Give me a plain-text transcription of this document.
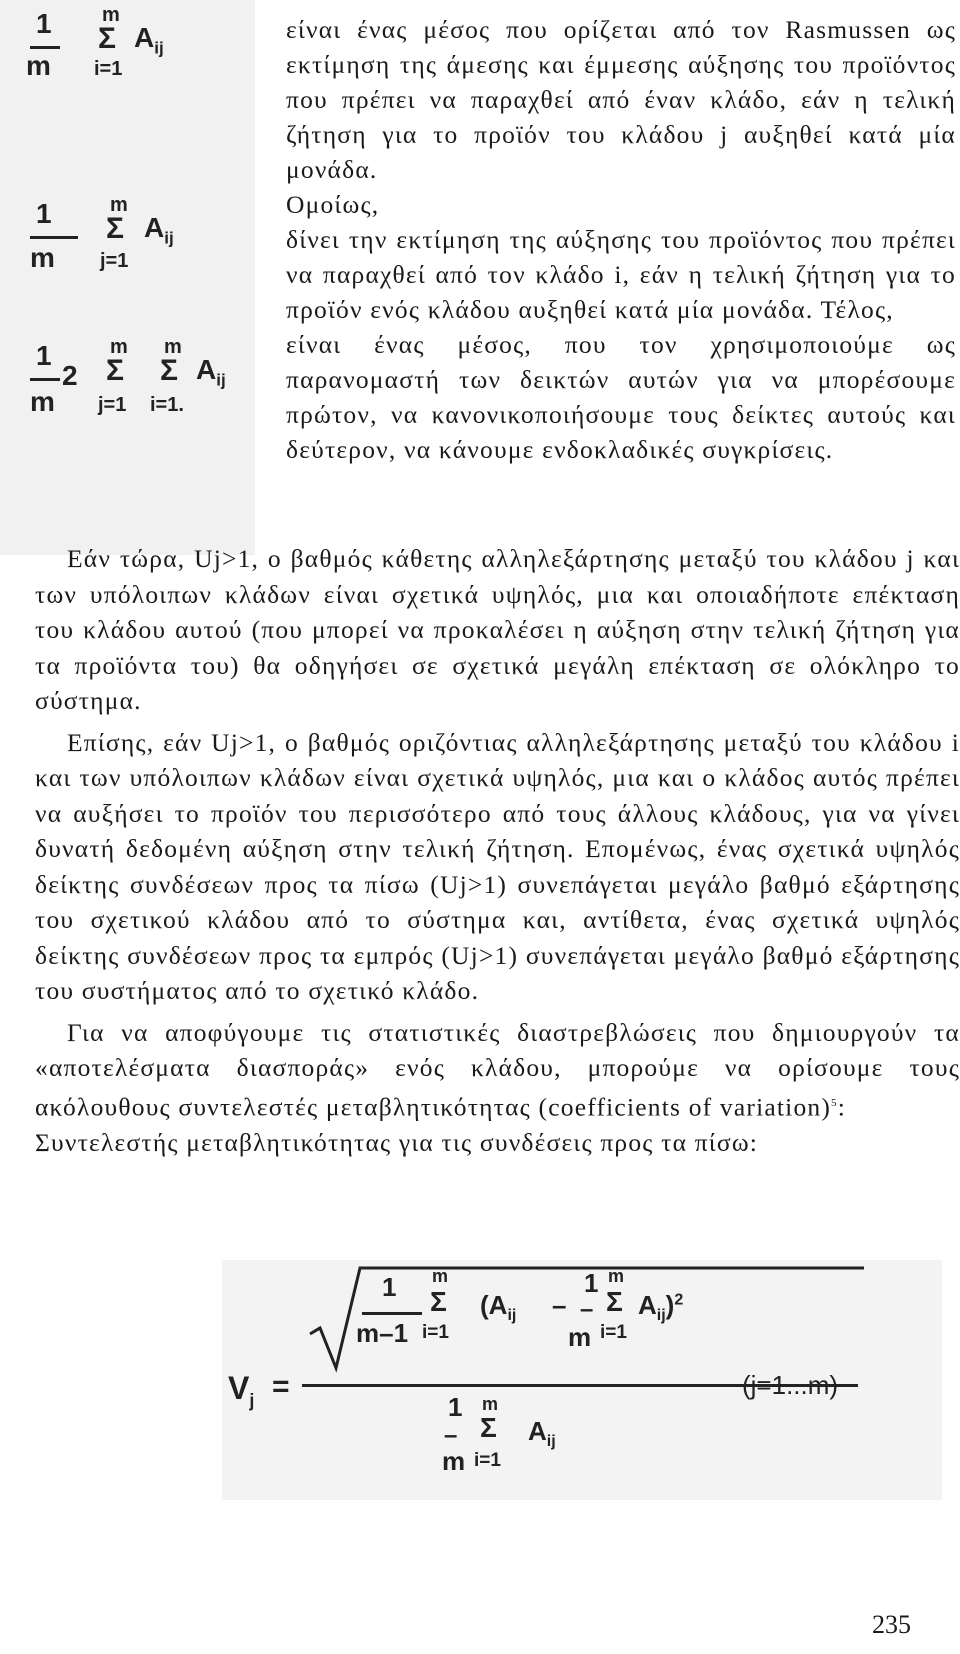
1
m
m
Σ
i=1
$A_{ij}$
1
m
m
Σ
j=1
$A_{ij}$
1
2
m
m
Σ
j=1
m
Σ
i=1.
$A_{ij}$

είναι ένας μέσος που ορίζεται από τον Rasmussen ως εκτίμηση της άμεσης και έμμεσης αύξησης του προϊόντος που πρέπει να παραχθεί από έναν κλάδο, εάν η τελική ζήτηση για το προϊόν του κλάδου j αυξηθεί κατά μία μονάδα.

Ομοίως,

δίνει την εκτίμηση της αύξησης του προϊόντος που πρέπει να παραχθεί από τον κλάδο i, εάν η τελική ζήτηση για το προϊόν ενός κλάδου αυξηθεί κατά μία μονάδα. Τέλος,

είναι ένας μέσος, που τον χρησιμοποιούμε ως παρανομαστή των δεικτών αυτών για να μπορέσουμε πρώτον, να κανονικοποιήσουμε τους δείκτες αυτούς και δεύτερον, να κάνουμε ενδοκλαδικές συγκρίσεις.

Εάν τώρα, Uj>1, ο βαθμός κάθετης αλληλεξάρτησης μεταξύ του κλάδου j και των υπόλοιπων κλάδων είναι σχετικά υψηλός, μια και οποιαδήποτε επέκταση του κλάδου αυτού (που μπορεί να προκαλέσει η αύξηση στην τελική ζήτηση για τα προϊόντα του) θα οδηγήσει σε σχετικά μεγάλη επέκταση σε ολόκληρο το σύστημα.

Επίσης, εάν Uj>1, ο βαθμός οριζόντιας αλληλεξάρτησης μεταξύ του κλάδου i και των υπόλοιπων κλάδων είναι σχετικά υψηλός, μια και ο κλάδος αυτός πρέπει να αυξήσει το προϊόν του περισσότερο από τους άλλους κλάδους, για να γίνει δυνατή δεδομένη αύξηση στην τελική ζήτηση. Επομένως, ένας σχετικά υψηλός δείκτης συνδέσεων προς τα πίσω (Uj>1) συνεπάγεται μεγάλο βαθμό εξάρτησης του σχετικού κλάδου από το σύστημα και, αντίθετα, ένας σχετικά υψηλός δείκτης συνδέσεων προς τα εμπρός (Uj>1) συνεπάγεται μεγάλο βαθμό εξάρτησης του συστήματος από το σχετικό κλάδο.

Για να αποφύγουμε τις στατιστικές διαστρεβλώσεις που δημιουργούν τα «αποτελέσματα διασποράς» ενός κλάδου, μπορούμε να ορίσουμε τους ακόλουθους συντελεστές μεταβλητικότητας (coefficients of variation)$^5$:

Συντελεστής μεταβλητικότητας για τις συνδέσεις προς τα πίσω:

$V_j$ =
1
m–1
m
Σ
i=1
($A_{ij}$ –
1
–
m
m
Σ
i=1
$A_{ij})^2$
1
–
m
m
Σ
i=1
$A_{ij}$
(j=1...m)
235
